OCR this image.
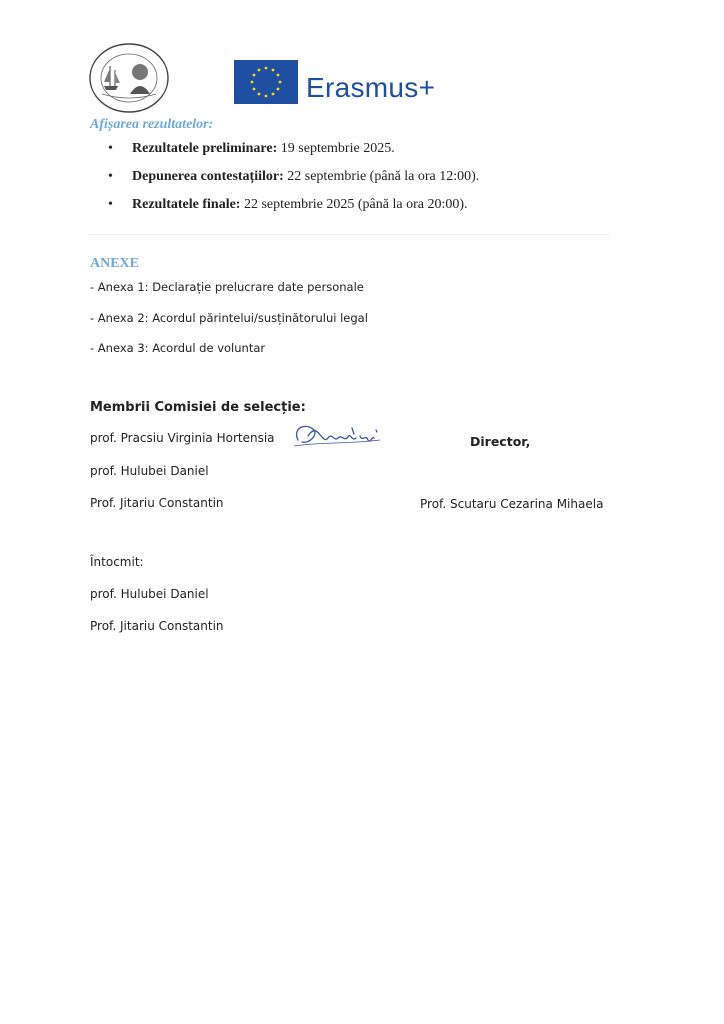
Erasmus+
Afișarea rezultatelor:
• Rezultatele preliminare: 19 septembrie 2025.
• Depunerea contestațiilor: 22 septembrie (până la ora 12:00).
• Rezultatele finale: 22 septembrie 2025 (până la ora 20:00).
ANEXE
- Anexa 1: Declarație prelucrare date personale
- Anexa 2: Acordul părintelui/susținătorului legal
- Anexa 3: Acordul de voluntar
Membrii Comisiei de selecție:
prof. Pracsiu Virginia Hortensia
prof. Hulubei Daniel
Prof. Jitariu Constantin
Director,
Prof. Scutaru Cezarina Mihaela
Întocmit:
prof. Hulubei Daniel
Prof. Jitariu Constantin
